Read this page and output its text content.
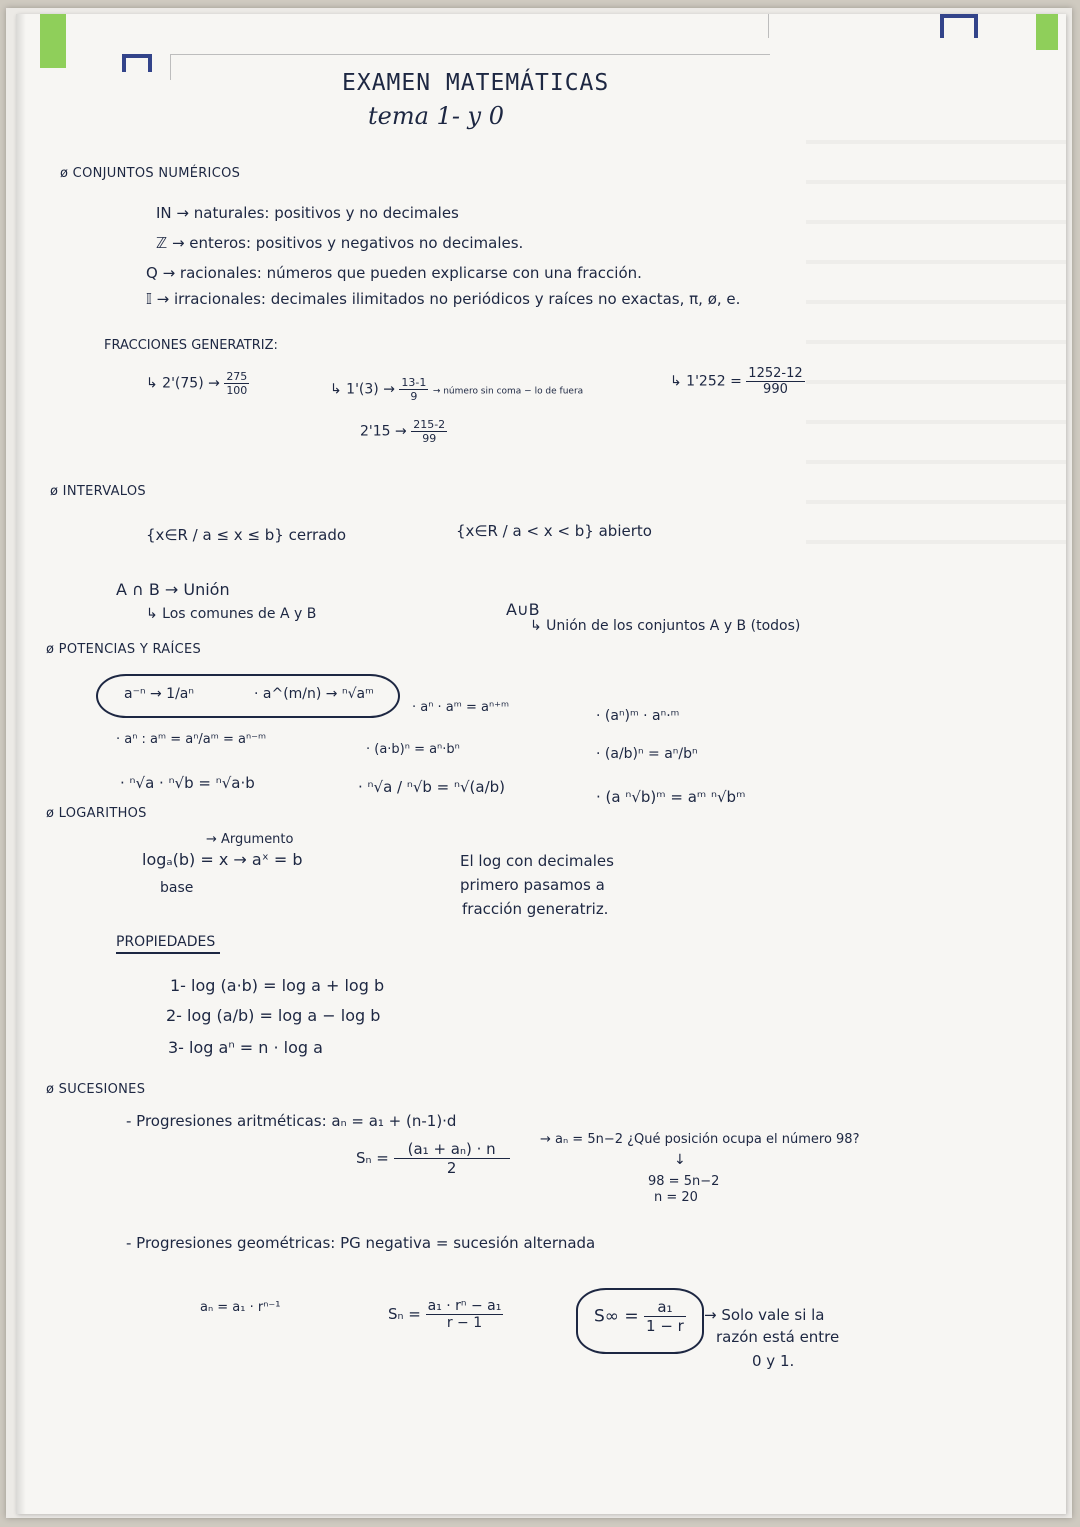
EXAMEN MATEMÁTICAS
tema 1- y 0
ø CONJUNTOS NUMÉRICOS
IN → naturales: positivos y no decimales
ℤ → enteros: positivos y negativos no decimales.
Q → racionales: números que pueden explicarse con una fracción.
𝕀 → irracionales: decimales ilimitados no periódicos y raíces no exactas, π, ø, e.
FRACCIONES GENERATRIZ:
↳ $2'(75) \to \frac{275}{100}$	↳ $1'(3) \to \frac{13-1}{9}$ → número sin coma − lo de fuera
$2'15 \to \frac{215-2}{99}$
↳ $1'252 = \frac{1252-12}{990}$
ø INTERVALOS
{x∈R / a ≤ x ≤ b} cerrado	{x∈R / a < x < b} abierto
A ∩ B → Unión
↳ Los comunes de A y B	A∪B
↳ Unión de los conjuntos A y B (todos)
ø POTENCIAS Y RAÍCES
a⁻ⁿ → 1/aⁿ	· a^(m/n) → ⁿ√aᵐ
· aⁿ · aᵐ = aⁿ⁺ᵐ
· (aⁿ)ᵐ · aⁿ·ᵐ
· aⁿ : aᵐ = aⁿ/aᵐ = aⁿ⁻ᵐ
· (a·b)ⁿ = aⁿ·bⁿ	· (a/b)ⁿ = aⁿ/bⁿ
· ⁿ√a · ⁿ√b = ⁿ√a·b	· ⁿ√a / ⁿ√b = ⁿ√(a/b)
· (a ⁿ√b)ᵐ = aᵐ ⁿ√bᵐ
ø LOGARITHOS
logₐ(b) = x → aˣ = b
→ Argumento
base
El log con decimales
primero pasamos a
fracción generatriz.
PROPIEDADES
1- log (a·b) = log a + log b
2- log (a/b) = log a − log b
3- log aⁿ = n · log a
ø SUCESIONES
- Progresiones aritméticas: aₙ = a₁ + (n-1)·d
$S_n = \frac{\text{(a₁ + aₙ) · n}}{2}$
→ aₙ = 5n−2 ¿Qué posición ocupa el número 98?
↓
98 = 5n−2
n = 20
- Progresiones geométricas: PG negativa = sucesión alternada
aₙ = a₁ · rⁿ⁻¹	$S_n = \frac{\text{a₁ · rⁿ − a₁}}{r - 1}$	$S\infty = \frac{\text{a₁}}{1 - r}$ → Solo vale si la
razón está entre
0 y 1.
